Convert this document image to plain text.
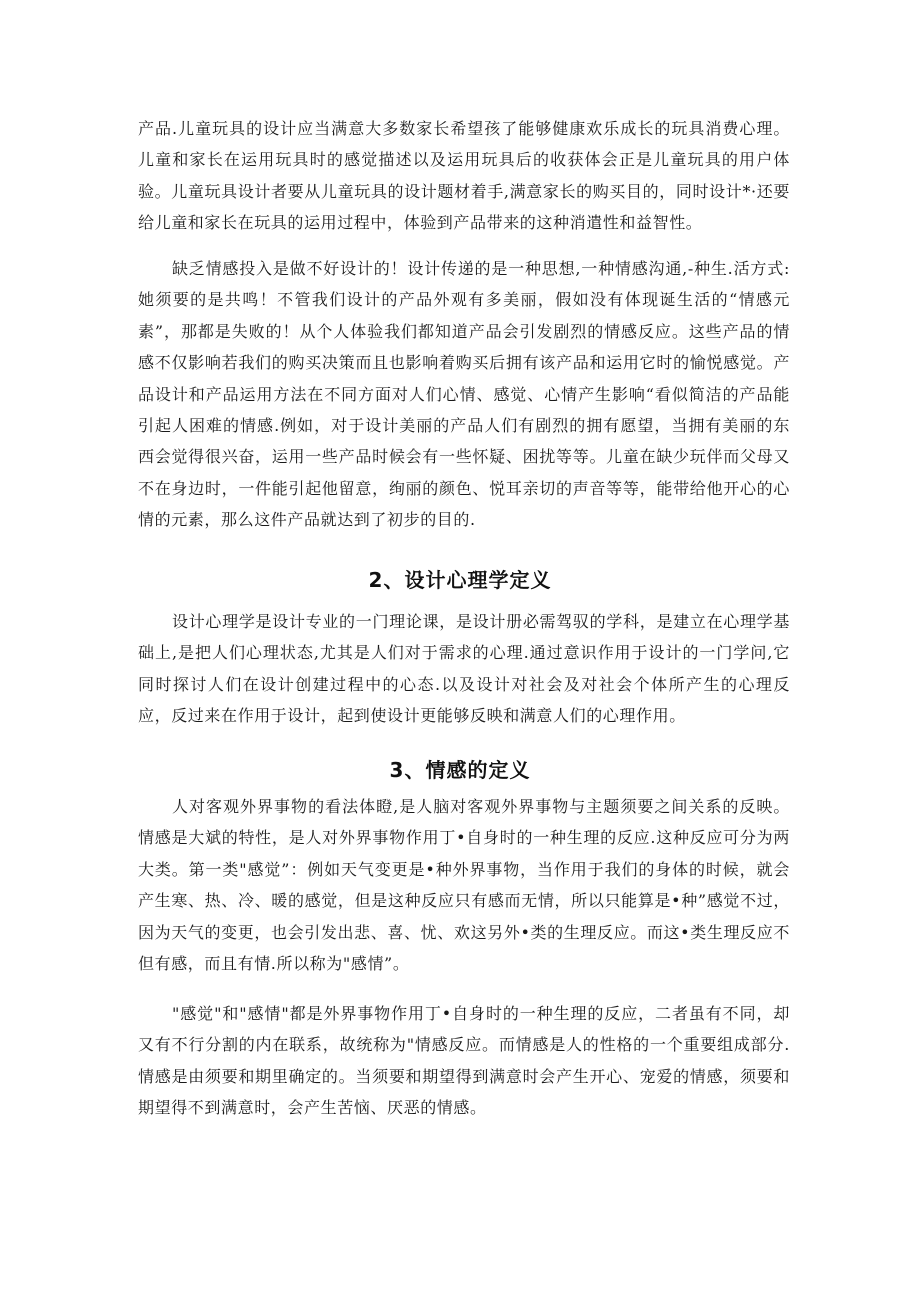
产品.儿童玩具的设计应当满意大多数家长希望孩了能够健康欢乐成长的玩具消费心理。儿童和家长在运用玩具时的感觉描述以及运用玩具后的收获体会正是儿童玩具的用户体验。儿童玩具设计者要从儿童玩具的设计题材着手,满意家长的购买目的，同时设计*·还要给儿童和家长在玩具的运用过程中，体验到产品带来的这种消遣性和益智性。

缺乏情感投入是做不好设计的！设计传递的是一种思想,一种情感沟通,-种生.活方式:她须要的是共鸣！不管我们设计的产品外观有多美丽，假如没有体现诞生活的“情感元素”，那都是失败的！从个人体验我们都知道产品会引发剧烈的情感反应。这些产品的情感不仅影响若我们的购买决策而且也影响着购买后拥有该产品和运用它时的愉悦感觉。产品设计和产品运用方法在不同方面对人们心情、感觉、心情产生影响“看似简洁的产品能引起人困难的情感.例如，对于设计美丽的产品人们有剧烈的拥有愿望，当拥有美丽的东西会觉得很兴奋，运用一些产品时候会有一些怀疑、困扰等等。儿童在缺少玩伴而父母又不在身边时，一件能引起他留意，绚丽的颜色、悦耳亲切的声音等等，能带给他开心的心情的元素，那么这件产品就达到了初步的目的.

2、设计心理学定义

设计心理学是设计专业的一门理论课，是设计册必需驾驭的学科，是建立在心理学基础上,是把人们心理状态,尤其是人们对于需求的心理.通过意识作用于设计的一门学问,它同时探讨人们在设计创建过程中的心态.以及设计对社会及对社会个体所产生的心理反应，反过来在作用于设计，起到使设计更能够反映和满意人们的心理作用。

3、情感的定义

人对客观外界事物的看法体瞪,是人脑对客观外界事物与主题须要之间关系的反映。情感是大斌的特性，是人对外界事物作用丁•自身时的一种生理的反应.这种反应可分为两大类。第一类"感觉”：例如天气变更是•种外界事物，当作用于我们的身体的时候，就会产生寒、热、冷、暖的感觉，但是这种反应只有感而无情，所以只能算是•种”感觉不过，因为天气的变更，也会引发出悲、喜、忧、欢这另外•类的生理反应。而这•类生理反应不但有感，而且有情.所以称为"感情”。

"感觉"和"感情"都是外界事物作用丁•自身时的一种生理的反应，二者虽有不同，却又有不行分割的内在联系，故统称为"情感反应。而情感是人的性格的一个重要组成部分.情感是由须要和期里确定的。当须要和期望得到满意时会产生开心、宠爱的情感，须要和期望得不到满意时，会产生苦恼、厌恶的情感。
